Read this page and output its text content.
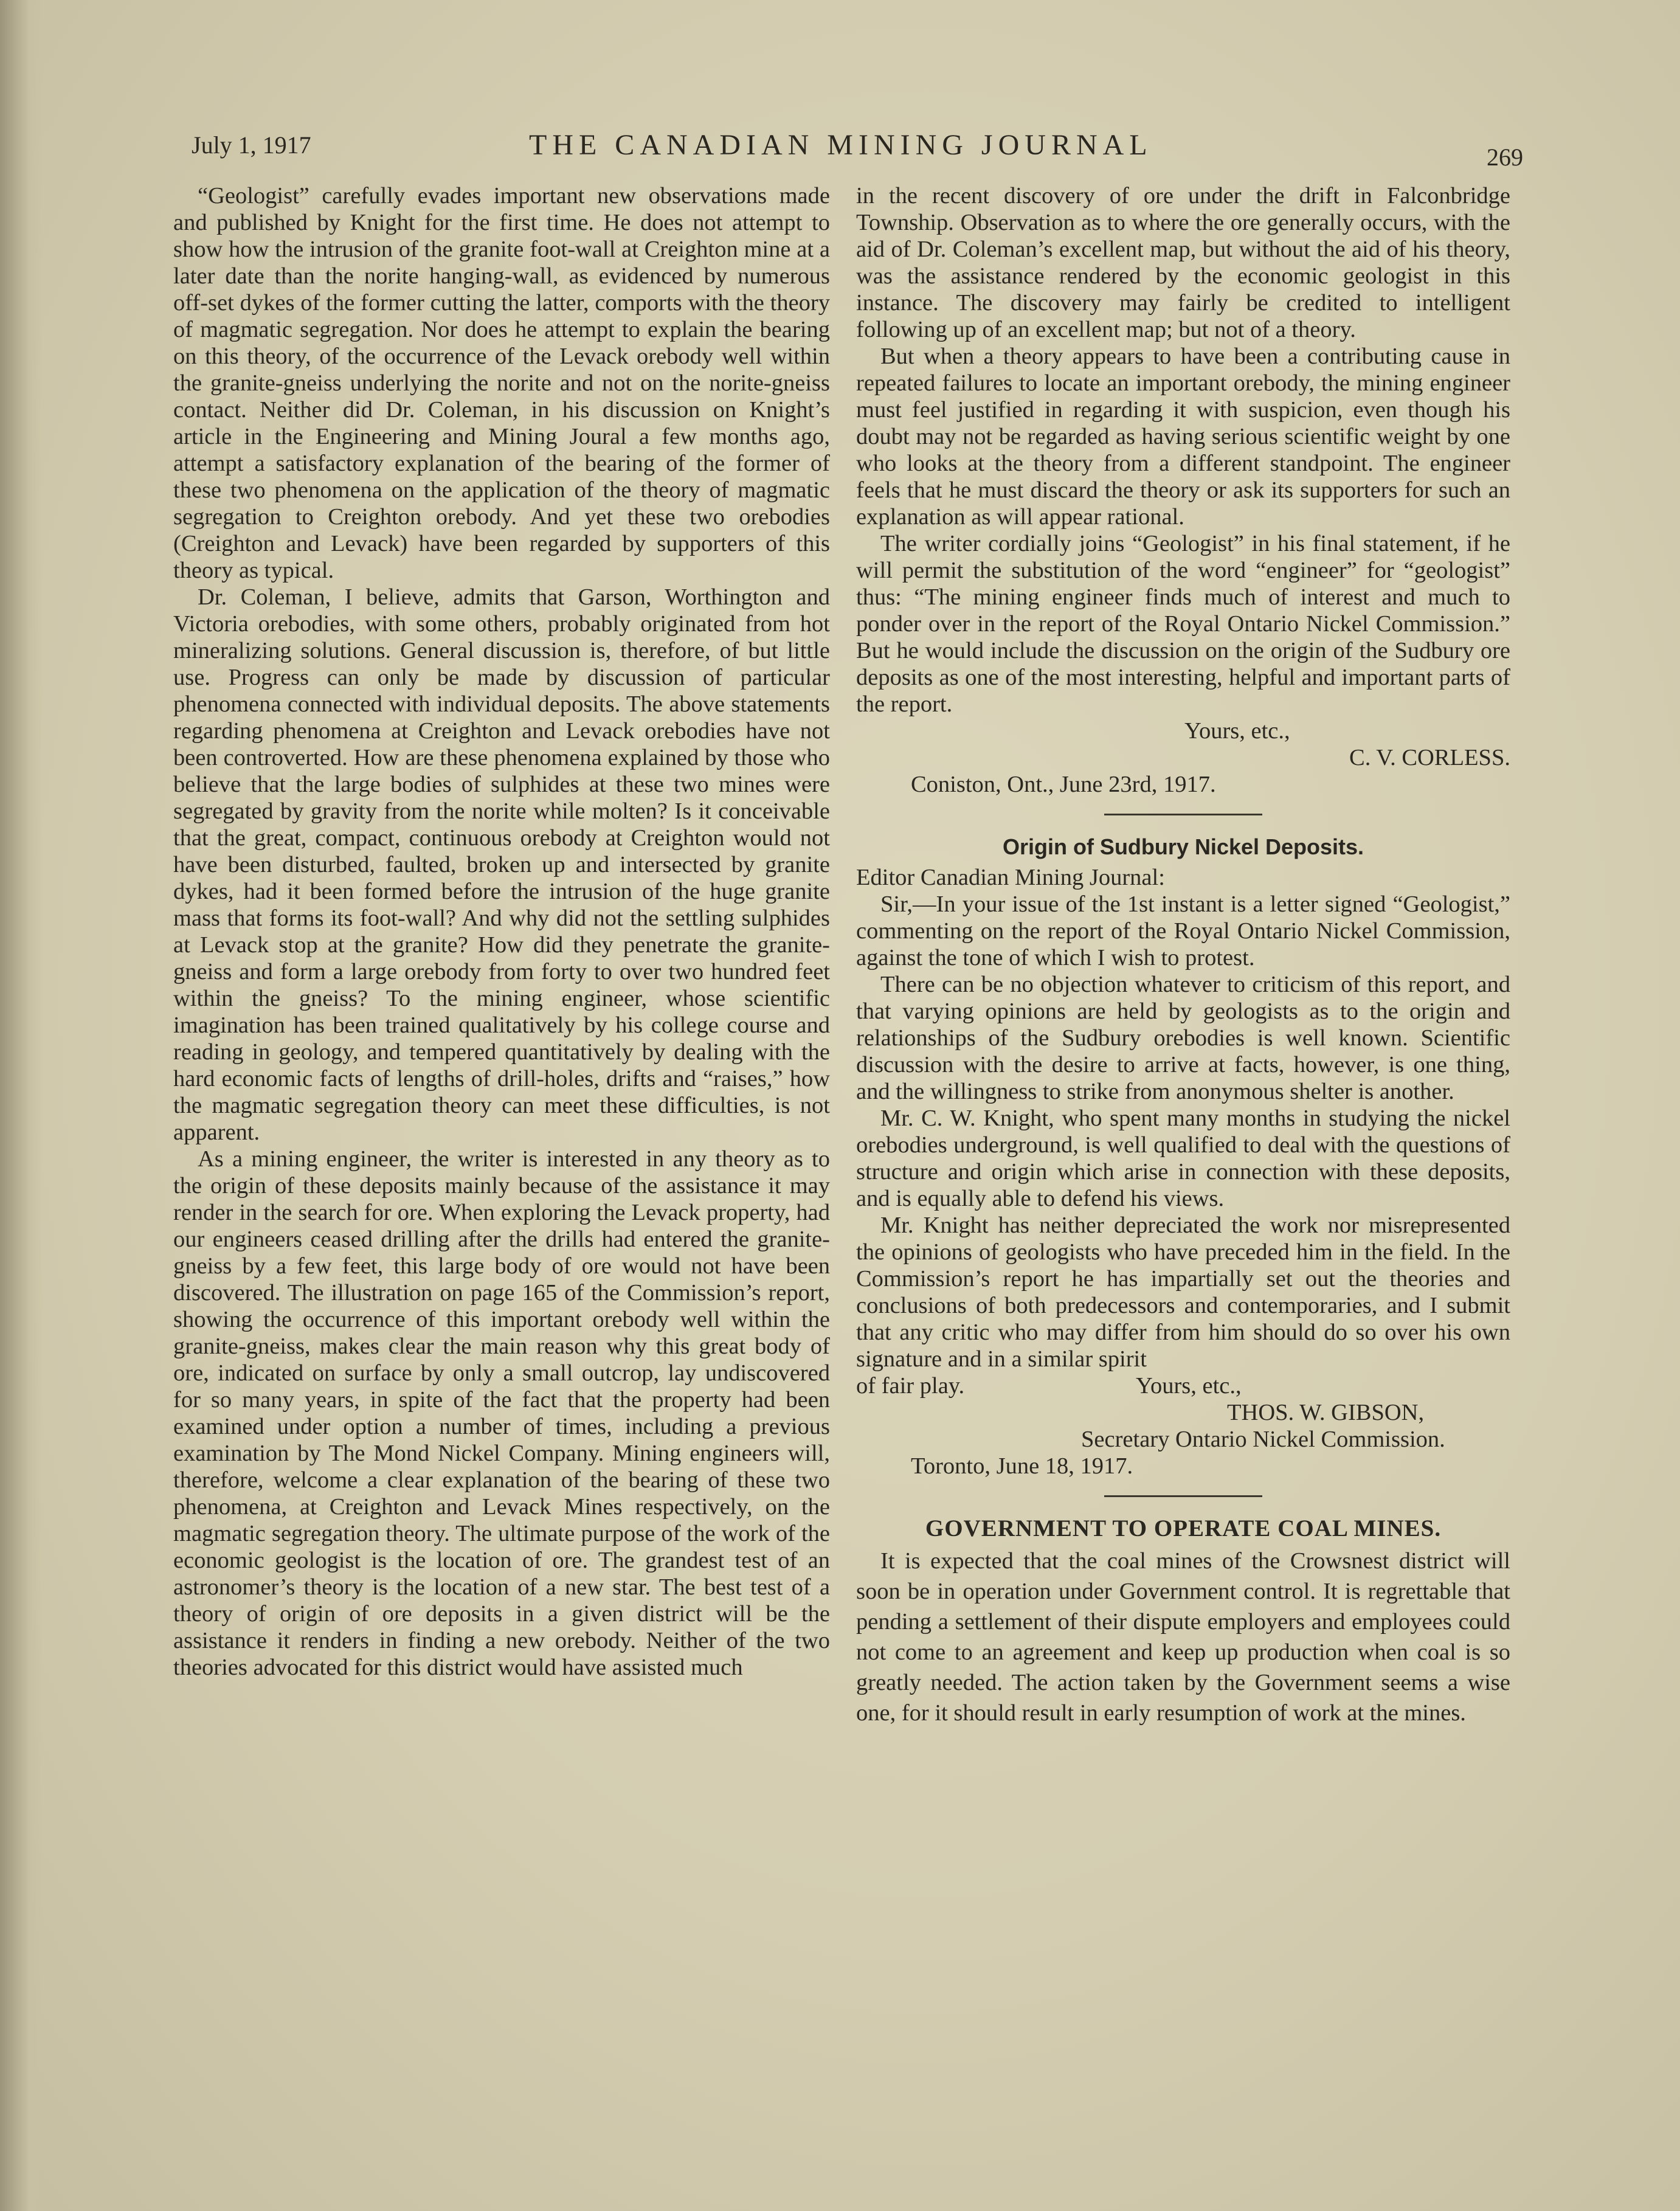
July 1, 1917	THE CANADIAN MINING JOURNAL	269

“Geologist” carefully evades important new observations made and published by Knight for the first time. He does not attempt to show how the intrusion of the granite foot-wall at Creighton mine at a later date than the norite hanging-wall, as evidenced by numerous off-set dykes of the former cutting the latter, comports with the theory of magmatic segregation. Nor does he attempt to explain the bearing on this theory, of the occurrence of the Levack orebody well within the granite-gneiss underlying the norite and not on the norite-gneiss contact. Neither did Dr. Coleman, in his discussion on Knight’s article in the Engineering and Mining Joural a few months ago, attempt a satisfactory explanation of the bearing of the former of these two phenomena on the application of the theory of magmatic segregation to Creighton orebody. And yet these two orebodies (Creighton and Levack) have been regarded by supporters of this theory as typical.

Dr. Coleman, I believe, admits that Garson, Worthington and Victoria orebodies, with some others, probably originated from hot mineralizing solutions. General discussion is, therefore, of but little use. Progress can only be made by discussion of particular phenomena connected with individual deposits. The above statements regarding phenomena at Creighton and Levack orebodies have not been controverted. How are these phenomena explained by those who believe that the large bodies of sulphides at these two mines were segregated by gravity from the norite while molten? Is it conceivable that the great, compact, continuous orebody at Creighton would not have been disturbed, faulted, broken up and intersected by granite dykes, had it been formed before the intrusion of the huge granite mass that forms its foot-wall? And why did not the settling sulphides at Levack stop at the granite? How did they penetrate the granite-gneiss and form a large orebody from forty to over two hundred feet within the gneiss? To the mining engineer, whose scientific imagination has been trained qualitatively by his college course and reading in geology, and tempered quantitatively by dealing with the hard economic facts of lengths of drill-holes, drifts and “raises,” how the magmatic segregation theory can meet these difficulties, is not apparent.

As a mining engineer, the writer is interested in any theory as to the origin of these deposits mainly because of the assistance it may render in the search for ore. When exploring the Levack property, had our engineers ceased drilling after the drills had entered the granite-gneiss by a few feet, this large body of ore would not have been discovered. The illustration on page 165 of the Commission’s report, showing the occurrence of this important orebody well within the granite-gneiss, makes clear the main reason why this great body of ore, indicated on surface by only a small outcrop, lay undiscovered for so many years, in spite of the fact that the property had been examined under option a number of times, including a previous examination by The Mond Nickel Company. Mining engineers will, therefore, welcome a clear explanation of the bearing of these two phenomena, at Creighton and Levack Mines respectively, on the magmatic segregation theory. The ultimate purpose of the work of the economic geologist is the location of ore. The grandest test of an astronomer’s theory is the location of a new star. The best test of a theory of origin of ore deposits in a given district will be the assistance it renders in finding a new orebody. Neither of the two theories advocated for this district would have assisted much

in the recent discovery of ore under the drift in Falconbridge Township. Observation as to where the ore generally occurs, with the aid of Dr. Coleman’s excellent map, but without the aid of his theory, was the assistance rendered by the economic geologist in this instance. The discovery may fairly be credited to intelligent following up of an excellent map; but not of a theory.

But when a theory appears to have been a contributing cause in repeated failures to locate an important orebody, the mining engineer must feel justified in regarding it with suspicion, even though his doubt may not be regarded as having serious scientific weight by one who looks at the theory from a different standpoint. The engineer feels that he must discard the theory or ask its supporters for such an explanation as will appear rational.

The writer cordially joins “Geologist” in his final statement, if he will permit the substitution of the word “engineer” for “geologist” thus: “The mining engineer finds much of interest and much to ponder over in the report of the Royal Ontario Nickel Commission.” But he would include the discussion on the origin of the Sudbury ore deposits as one of the most interesting, helpful and important parts of the report.

Yours, etc.,

C. V. CORLESS.

Coniston, Ont., June 23rd, 1917.

Origin of Sudbury Nickel Deposits.

Editor Canadian Mining Journal:

Sir,—In your issue of the 1st instant is a letter signed “Geologist,” commenting on the report of the Royal Ontario Nickel Commission, against the tone of which I wish to protest.

There can be no objection whatever to criticism of this report, and that varying opinions are held by geologists as to the origin and relationships of the Sudbury orebodies is well known. Scientific discussion with the desire to arrive at facts, however, is one thing, and the willingness to strike from anonymous shelter is another.

Mr. C. W. Knight, who spent many months in studying the nickel orebodies underground, is well qualified to deal with the questions of structure and origin which arise in connection with these deposits, and is equally able to defend his views.

Mr. Knight has neither depreciated the work nor misrepresented the opinions of geologists who have preceded him in the field. In the Commission’s report he has impartially set out the theories and conclusions of both predecessors and contemporaries, and I submit that any critic who may differ from him should do so over his own signature and in a similar spirit

of fair play.	Yours, etc.,

THOS. W. GIBSON,

Secretary Ontario Nickel Commission.

Toronto, June 18, 1917.

GOVERNMENT TO OPERATE COAL MINES.

It is expected that the coal mines of the Crowsnest district will soon be in operation under Government control. It is regrettable that pending a settlement of their dispute employers and employees could not come to an agreement and keep up production when coal is so greatly needed. The action taken by the Government seems a wise one, for it should result in early resumption of work at the mines.
